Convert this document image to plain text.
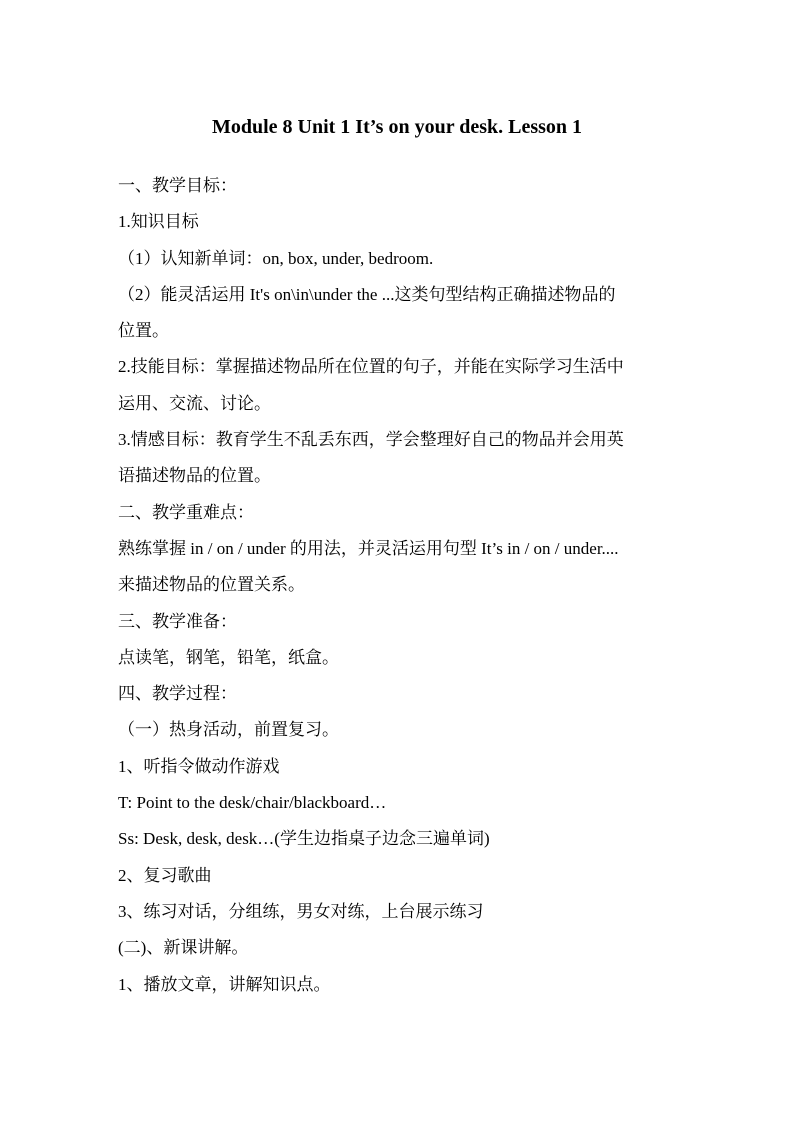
Module 8 Unit 1 It’s on your desk. Lesson 1
一、教学目标：
1.知识目标
（1）认知新单词：on, box, under, bedroom.
（2）能灵活运用 It's on\in\under the ...这类句型结构正确描述物品的
位置。
2.技能目标：掌握描述物品所在位置的句子，并能在实际学习生活中
运用、交流、讨论。
3.情感目标：教育学生不乱丢东西，学会整理好自己的物品并会用英
语描述物品的位置。
二、教学重难点：
熟练掌握 in / on / under 的用法，并灵活运用句型 It’s in / on / under....
来描述物品的位置关系。
三、教学准备：
点读笔，钢笔，铅笔，纸盒。
四、教学过程：
（一）热身活动，前置复习。
1、听指令做动作游戏
T: Point to the desk/chair/blackboard…
Ss: Desk, desk, desk…(学生边指桌子边念三遍单词)
2、复习歌曲
3、练习对话，分组练，男女对练，上台展示练习
(二)、新课讲解。
1、播放文章，讲解知识点。
